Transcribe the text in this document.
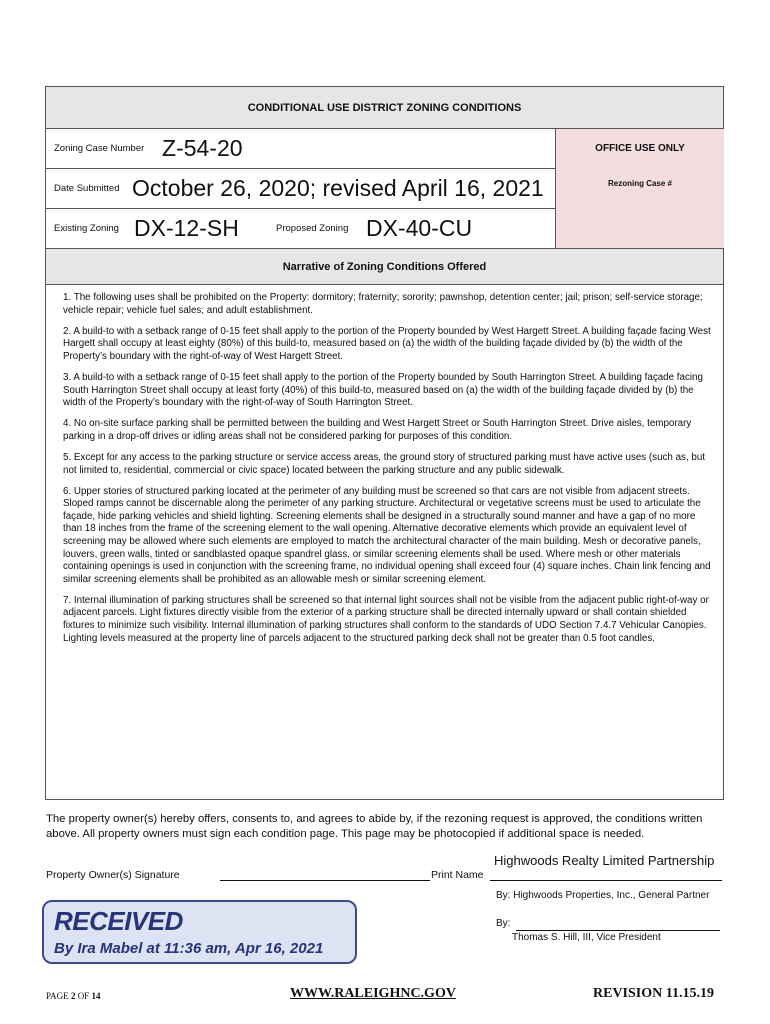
CONDITIONAL USE DISTRICT ZONING CONDITIONS
Zoning Case Number Z-54-20
Date Submitted October 26, 2020; revised April 16, 2021
Existing Zoning DX-12-SH	Proposed Zoning DX-40-CU
OFFICE USE ONLY
Rezoning Case #
Narrative of Zoning Conditions Offered

1. The following uses shall be prohibited on the Property: dormitory; fraternity; sorority; pawnshop, detention center; jail; prison; self-service storage; vehicle repair; vehicle fuel sales; and adult establishment.

2. A build-to with a setback range of 0-15 feet shall apply to the portion of the Property bounded by West Hargett Street. A building façade facing West Hargett shall occupy at least eighty (80%) of this build-to, measured based on (a) the width of the building façade divided by (b) the width of the Property’s boundary with the right-of-way of West Hargett Street.

3. A build-to with a setback range of 0-15 feet shall apply to the portion of the Property bounded by South Harrington Street. A building façade facing South Harrington Street shall occupy at least forty (40%) of this build-to, measured based on (a) the width of the building façade divided by (b) the width of the Property’s boundary with the right-of-way of South Harrington Street.

4. No on-site surface parking shall be permitted between the building and West Hargett Street or South Harrington Street. Drive aisles, temporary parking in a drop-off drives or idling areas shall not be considered parking for purposes of this condition.

5. Except for any access to the parking structure or service access areas, the ground story of structured parking must have active uses (such as, but not limited to, residential, commercial or civic space) located between the parking structure and any public sidewalk.

6. Upper stories of structured parking located at the perimeter of any building must be screened so that cars are not visible from adjacent streets. Sloped ramps cannot be discernable along the perimeter of any parking structure. Architectural or vegetative screens must be used to articulate the façade, hide parking vehicles and shield lighting. Screening elements shall be designed in a structurally sound manner and have a gap of no more than 18 inches from the frame of the screening element to the wall opening. Alternative decorative elements which provide an equivalent level of screening may be allowed where such elements are employed to match the architectural character of the main building. Mesh or decorative panels, louvers, green walls, tinted or sandblasted opaque spandrel glass, or similar screening elements shall be used. Where mesh or other materials containing openings is used in conjunction with the screening frame, no individual opening shall exceed four (4) square inches. Chain link fencing and similar screening elements shall be prohibited as an allowable mesh or similar screening element.

7. Internal illumination of parking structures shall be screened so that internal light sources shall not be visible from the adjacent public right-of-way or adjacent parcels. Light fixtures directly visible from the exterior of a parking structure shall be directed internally upward or shall contain shielded fixtures to minimize such visibility. Internal illumination of parking structures shall conform to the standards of UDO Section 7.4.7 Vehicular Canopies. Lighting levels measured at the property line of parcels adjacent to the structured parking deck shall not be greater than 0.5 foot candles.

The property owner(s) hereby offers, consents to, and agrees to abide by, if the rezoning request is approved, the conditions written above. All property owners must sign each condition page. This page may be photocopied if additional space is needed.
Highwoods Realty Limited Partnership
Property Owner(s) Signature	Print Name
By: Highwoods Properties, Inc., General Partner
By:
Thomas S. Hill, III, Vice President
RECEIVED
By Ira Mabel at 11:36 am, Apr 16, 2021
PAGE 2 OF 14	WWW.RALEIGHNC.GOV	REVISION 11.15.19
